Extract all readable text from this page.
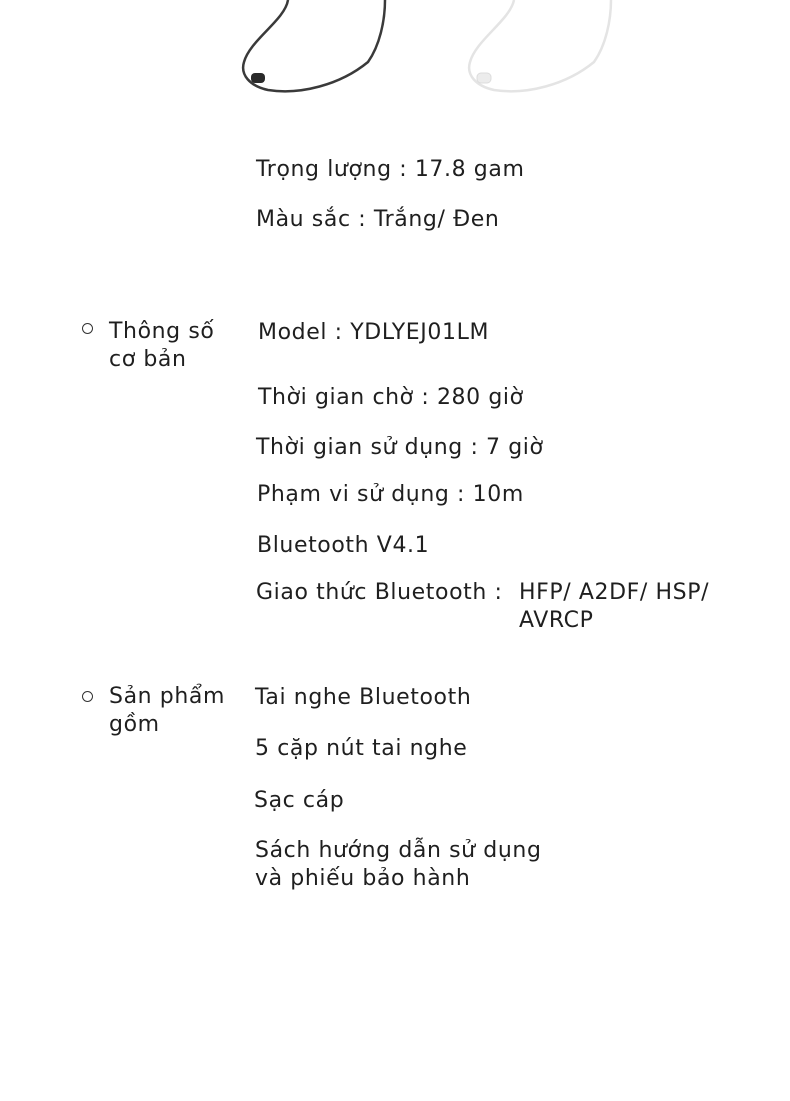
Trọng lượng : 17.8 gam
Màu sắc : Trắng/ Đen
Thông số cơ bản
Model : YDLYEJ01LM
Thời gian chờ : 280 giờ
Thời gian sử dụng : 7 giờ
Phạm vi sử dụng : 10m
Bluetooth V4.1
Giao thức Bluetooth : HFP/ A2DF/ HSP/ AVRCP
Sản phẩm gồm
Tai nghe Bluetooth
5 cặp nút tai nghe
Sạc cáp
Sách hướng dẫn sử dụng và phiếu bảo hành
